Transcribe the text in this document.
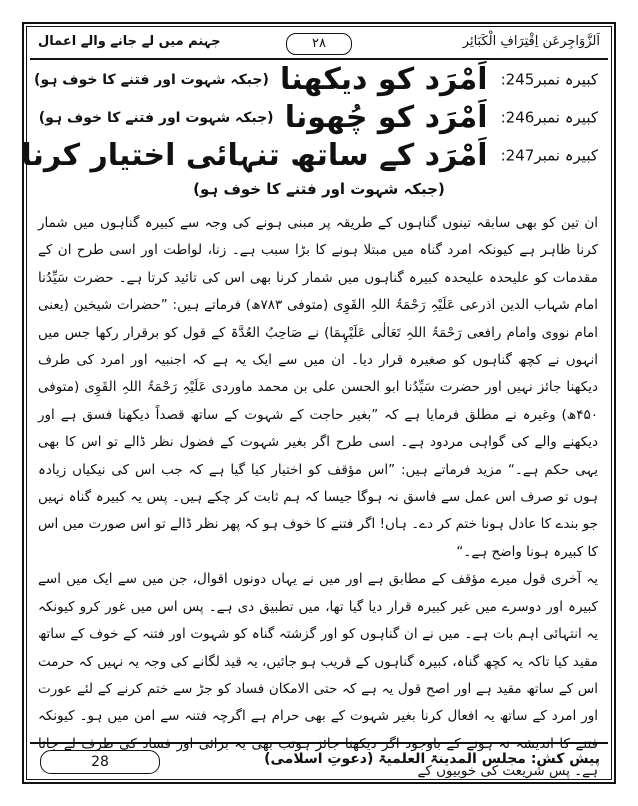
اَلزَّوَاجِرعَن اِقْتِرَافِ الْکَبَائِر
۲۸
جہنم میں لے جانے والے اعمال
کبیرہ نمبر245: اَمْرَد کو دیکھنا (جبکہ شہوت اور فتنے کا خوف ہو)
کبیرہ نمبر246: اَمْرَد کو چُھونا (جبکہ شہوت اور فتنے کا خوف ہو)
کبیرہ نمبر247: اَمْرَد کے ساتھ تنہائی اختیار کرنا
(جبکہ شہوت اور فتنے کا خوف ہو)

ان تین کو بھی سابقہ تینوں گناہوں کے طریقہ پر مبنی ہونے کی وجہ سے کبیرہ گناہوں میں شمار کرنا ظاہر ہے کیونکہ امرد گناہ میں مبتلا ہونے کا بڑا سبب ہے۔ زنا، لواطت اور اسی طرح ان کے مقدمات کو علیحدہ علیحدہ کبیرہ گناہوں میں شمار کرنا بھی اس کی تائید کرتا ہے۔ حضرت سَیِّدُنا امام شہاب الدین اذرعی عَلَیْہِ رَحْمَۃُ اللہِ القَوِی (متوفی ۷۸۳ھ) فرماتے ہیں: ”حضرات شیخین (یعنی امام نووی وامام رافعی رَحْمَۃُ اللہِ تَعَالٰی عَلَیْہِمَا) نے صَاحِبُ العُدَّۃ کے قول کو برقرار رکھا جس میں انہوں نے کچھ گناہوں کو صغیرہ قرار دیا۔ ان میں سے ایک یہ ہے کہ اجنبیہ اور امرد کی طرف دیکھنا جائز نہیں اور حضرت سَیِّدُنا ابو الحسن علی بن محمد ماوردی عَلَیْہِ رَحْمَۃُ اللہِ القَوِی (متوفی ۴۵۰ھ) وغیرہ نے مطلق فرمایا ہے کہ ”بغیر حاجت کے شہوت کے ساتھ قصداً دیکھنا فسق ہے اور دیکھنے والے کی گواہی مردود ہے۔ اسی طرح اگر بغیر شہوت کے فضول نظر ڈالے تو اس کا بھی یہی حکم ہے۔“ مزید فرماتے ہیں: ”اس مؤقف کو اختیار کیا گیا ہے کہ جب اس کی نیکیاں زیادہ ہوں تو صرف اس عمل سے فاسق نہ ہوگا جیسا کہ ہم ثابت کر چکے ہیں۔ پس یہ کبیرہ گناہ نہیں جو بندے کا عادل ہونا ختم کر دے۔ ہاں! اگر فتنے کا خوف ہو کہ پھر نظر ڈالے تو اس صورت میں اس کا کبیرہ ہونا واضح ہے۔“

یہ آخری قول میرے مؤقف کے مطابق ہے اور میں نے یہاں دونوں اقوال، جن میں سے ایک میں اسے کبیرہ اور دوسرے میں غیر کبیرہ قرار دیا گیا تھا، میں تطبیق دی ہے۔ پس اس میں غور کرو کیونکہ یہ انتہائی اہم بات ہے۔ میں نے ان گناہوں کو اور گزشتہ گناہ کو شہوت اور فتنہ کے خوف کے ساتھ مقید کیا تاکہ یہ کچھ گناہ، کبیرہ گناہوں کے قریب ہو جائیں، یہ قید لگانے کی وجہ یہ نہیں کہ حرمت اس کے ساتھ مقید ہے اور اصح قول یہ ہے کہ حتی الامکان فساد کو جڑ سے ختم کرنے کے لئے عورت اور امرد کے ساتھ یہ افعال کرنا بغیر شہوت کے بھی حرام ہے اگرچہ فتنہ سے امن میں ہو۔ کیونکہ فتنے کا اندیشہ نہ ہونے کے باوجود اگر دیکھنا جائز ہوتب بھی یہ برائی اور فساد کی طرف لے جاتا ہے۔ پس شریعت کی خوبیوں کے

پیش کش: مجلس المدینۃ العلمیۃ (دعوتِ اسلامی)
28
